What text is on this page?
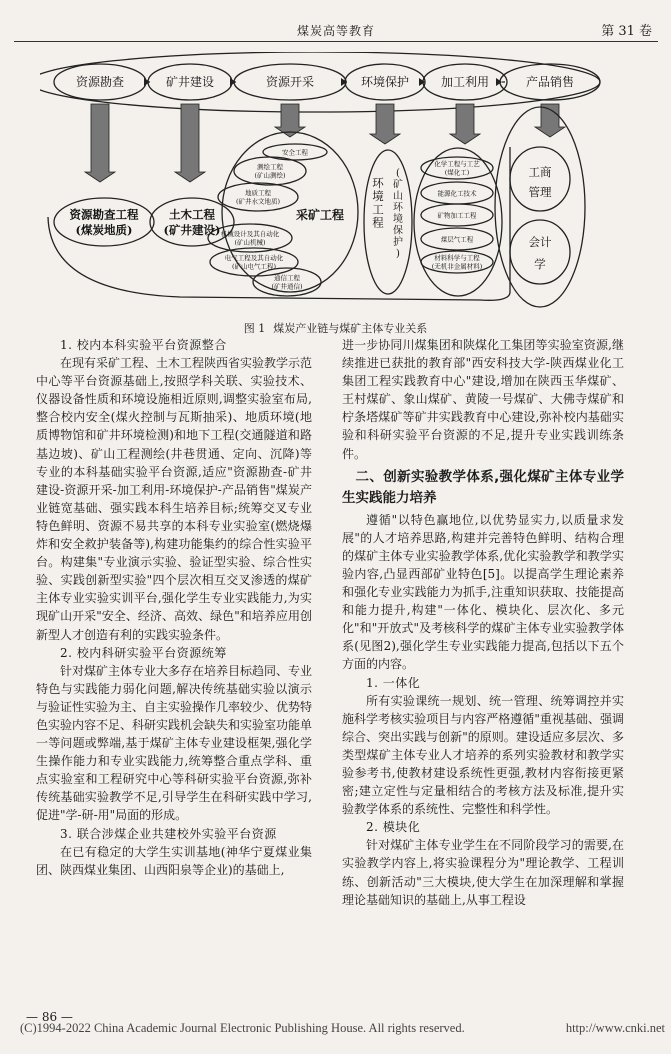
煤炭高等教育	第 31 卷
资源勘查	矿井建设	资源开采	环境保护	加工利用	产品销售
资源勘查工程(煤炭地质)
土木工程(矿井建设)
采矿工程
安全工程
测绘工程(矿山测绘)
地质工程(矿井水文地质)
机械设计及其自动化(矿山机械)
电气工程及其自动化(矿山电气工程)
通信工程(矿井通信)
环
境
工
程
(
矿
山
环
境
保
护
)
化学工程与工艺(煤化工)
能源化工技术
矿物加工工程
煤层气工程
材料科学与工程(无机非金属材料)
工商
管理
会计
学
图 1 煤炭产业链与煤矿主体专业关系

1. 校内本科实验平台资源整合

在现有采矿工程、土木工程陕西省实验教学示范中心等平台资源基础上,按照学科关联、实验技术、仪器设备性质和环境设施相近原则,调整实验室布局,整合校内安全(煤火控制与瓦斯抽采)、地质环境(地质博物馆和矿井环境检测)和地下工程(交通隧道和路基边坡)、矿山工程测绘(井巷贯通、定向、沉降)等专业的本科基础实验平台资源,适应"资源勘查-矿井建设-资源开采-加工利用-环境保护-产品销售"煤炭产业链宽基础、强实践本科生培养目标;统筹交叉专业特色鲜明、资源不易共享的本科专业实验室(燃烧爆炸和安全救护装备等),构建功能集约的综合性实验平台。构建集"专业演示实验、验证型实验、综合性实验、实践创新型实验"四个层次相互交叉渗透的煤矿主体专业实验实训平台,强化学生专业实践能力,为实现矿山开采"安全、经济、高效、绿色"和培养应用创新型人才创造有利的实践实验条件。

2. 校内科研实验平台资源统筹

针对煤矿主体专业大多存在培养目标趋同、专业特色与实践能力弱化问题,解决传统基础实验以演示与验证性实验为主、自主实验操作几率较少、优势特色实验内容不足、科研实践机会缺失和实验室功能单一等问题或弊端,基于煤矿主体专业建设框架,强化学生操作能力和专业实践能力,统筹整合重点学科、重点实验室和工程研究中心等科研实验平台资源,弥补传统基础实验教学不足,引导学生在科研实践中学习,促进"学-研-用"局面的形成。

3. 联合涉煤企业共建校外实验平台资源

在已有稳定的大学生实训基地(神华宁夏煤业集团、陕西煤业集团、山西阳泉等企业)的基础上,

进一步协同川煤集团和陕煤化工集团等实验室资源,继续推进已获批的教育部"西安科技大学-陕西煤业化工集团工程实践教育中心"建设,增加在陕西玉华煤矿、王村煤矿、象山煤矿、黄陵一号煤矿、大佛寺煤矿和柠条塔煤矿等矿井实践教育中心建设,弥补校内基础实验和科研实验平台资源的不足,提升专业实践训练条件。

二、创新实验教学体系,强化煤矿主体专业学生实践能力培养

遵循"以特色赢地位,以优势显实力,以质量求发展"的人才培养思路,构建并完善特色鲜明、结构合理的煤矿主体专业实验教学体系,优化实验教学和教学实验内容,凸显西部矿业特色[5]。以提高学生理论素养和强化专业实践能力为抓手,注重知识获取、技能提高和能力提升,构建"一体化、模块化、层次化、多元化"和"开放式"及考核科学的煤矿主体专业实验教学体系(见图2),强化学生专业实践能力提高,包括以下五个方面的内容。

1. 一体化

所有实验课统一规划、统一管理、统筹调控并实施科学考核实验项目与内容严格遵循"重视基础、强调综合、突出实践与创新"的原则。建设适应多层次、多类型煤矿主体专业人才培养的系列实验教材和教学实验参考书,使教材建设系统性更强,教材内容衔接更紧密;建立定性与定量相结合的考核方法及标准,提升实验教学体系的系统性、完整性和科学性。

2. 模块化

针对煤矿主体专业学生在不同阶段学习的需要,在实验教学内容上,将实验课程分为"理论教学、工程训练、创新活动"三大模块,使大学生在加深理解和掌握理论基础知识的基础上,从事工程设

— 86 —
(C)1994-2022 China Academic Journal Electronic Publishing House. All rights reserved.	http://www.cnki.net
